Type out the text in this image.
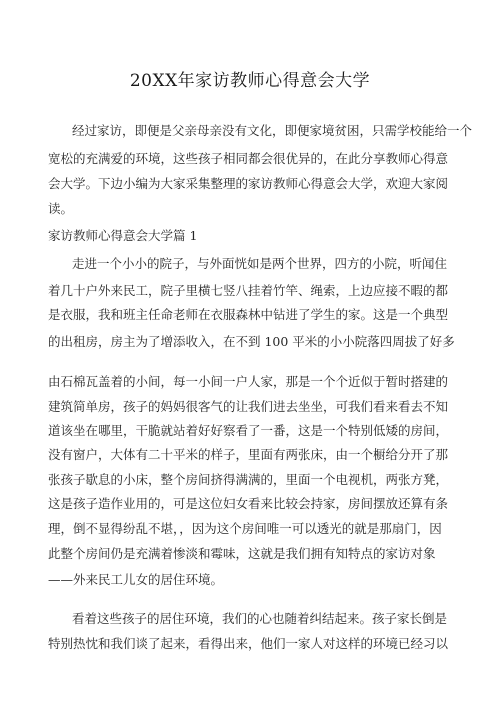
20XX年家访教师心得意会大学
经过家访，即便是父亲母亲没有文化，即便家境贫困，只需学校能给一个
宽松的充满爱的环境，这些孩子相同都会很优异的，在此分享教师心得意
会大学。下边小编为大家采集整理的家访教师心得意会大学，欢迎大家阅
读。
家访教师心得意会大学篇 1
走进一个小小的院子，与外面恍如是两个世界，四方的小院，听闻住
着几十户外来民工，院子里横七竖八挂着竹竿、绳索，上边应接不暇的都
是衣服，我和班主任命老师在衣服森林中钻进了学生的家。这是一个典型
的出租房，房主为了增添收入，在不到 100 平米的小小院落四周拔了好多
由石棉瓦盖着的小间，每一小间一户人家，那是一个个近似于暂时搭建的
建筑简单房，孩子的妈妈很客气的让我们进去坐坐，可我们看来看去不知
道该坐在哪里，干脆就站着好好察看了一番，这是一个特别低矮的房间，
没有窗户，大体有二十平米的样子，里面有两张床，由一个橱给分开了那
张孩子歇息的小床，整个房间挤得满满的，里面一个电视机，两张方凳，
这是孩子造作业用的，可是这位妇女看来比较会持家，房间摆放还算有条
理，倒不显得纷乱不堪，，因为这个房间唯一可以透光的就是那扇门，因
此整个房间仍是充满着惨淡和霉味，这就是我们拥有知特点的家访对象
——外来民工儿女的居住环境。
看着这些孩子的居住环境，我们的心也随着纠结起来。孩子家长倒是
特别热忱和我们谈了起来，看得出来，他们一家人对这样的环境已经习以
